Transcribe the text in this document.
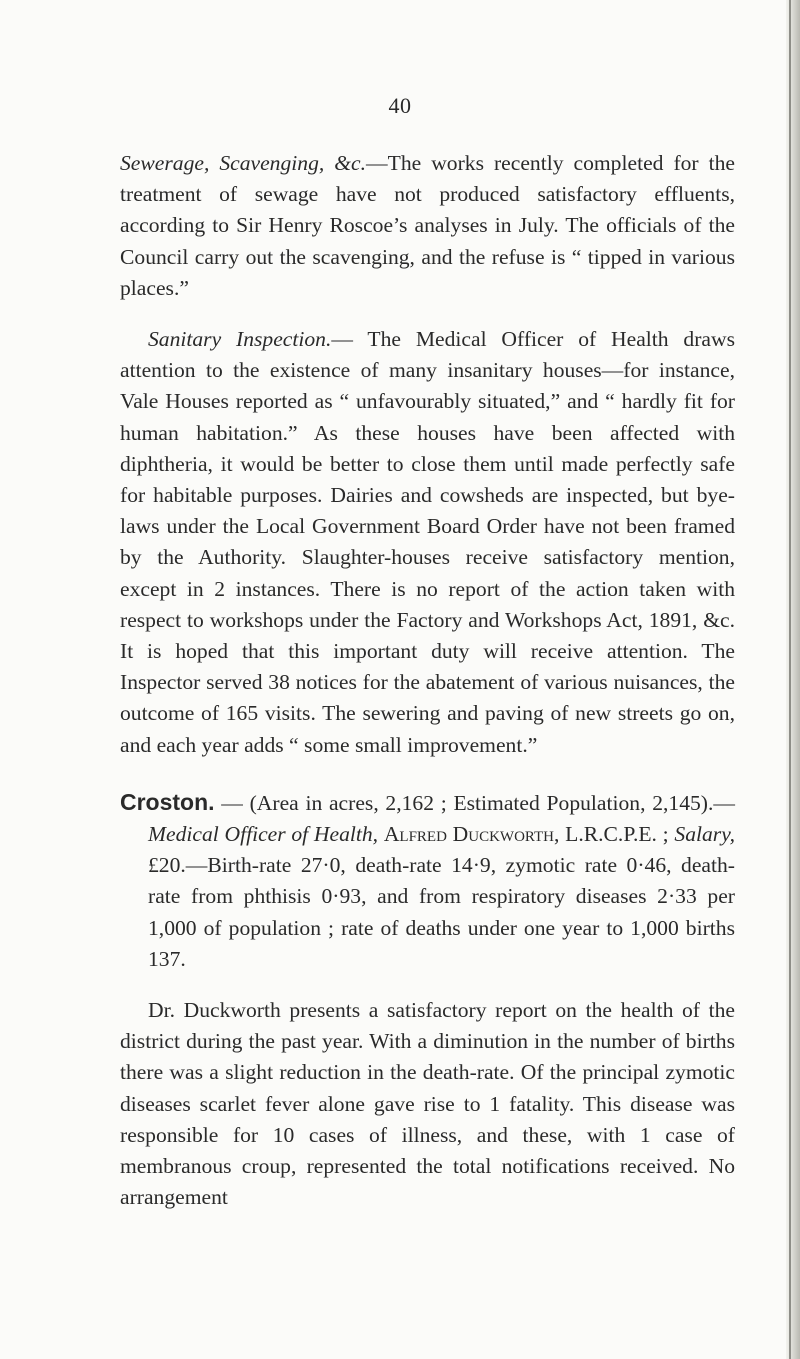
40

Sewerage, Scavenging, &c.—The works recently completed for the treatment of sewage have not produced satisfactory effluents, according to Sir Henry Roscoe’s analyses in July. The officials of the Council carry out the scavenging, and the refuse is “ tipped in various places.”

Sanitary Inspection.— The Medical Officer of Health draws attention to the existence of many insanitary houses—for instance, Vale Houses reported as “ unfavourably situated,” and “ hardly fit for human habitation.” As these houses have been affected with diphtheria, it would be better to close them until made perfectly safe for habitable purposes. Dairies and cowsheds are inspected, but bye-laws under the Local Government Board Order have not been framed by the Authority. Slaughter-houses receive satisfactory mention, except in 2 instances. There is no report of the action taken with respect to workshops under the Factory and Workshops Act, 1891, &c. It is hoped that this important duty will receive attention. The Inspector served 38 notices for the abatement of various nuisances, the outcome of 165 visits. The sewering and paving of new streets go on, and each year adds “ some small improvement.”

Croston. — (Area in acres, 2,162 ; Estimated Population, 2,145).—Medical Officer of Health, Alfred Duckworth, L.R.C.P.E. ; Salary, £20.—Birth-rate 27·0, death-rate 14·9, zymotic rate 0·46, death-rate from phthisis 0·93, and from respiratory diseases 2·33 per 1,000 of population ; rate of deaths under one year to 1,000 births 137.

Dr. Duckworth presents a satisfactory report on the health of the district during the past year. With a diminution in the number of births there was a slight reduction in the death-rate. Of the principal zymotic diseases scarlet fever alone gave rise to 1 fatality. This disease was responsible for 10 cases of illness, and these, with 1 case of membranous croup, represented the total notifications received. No arrangement
